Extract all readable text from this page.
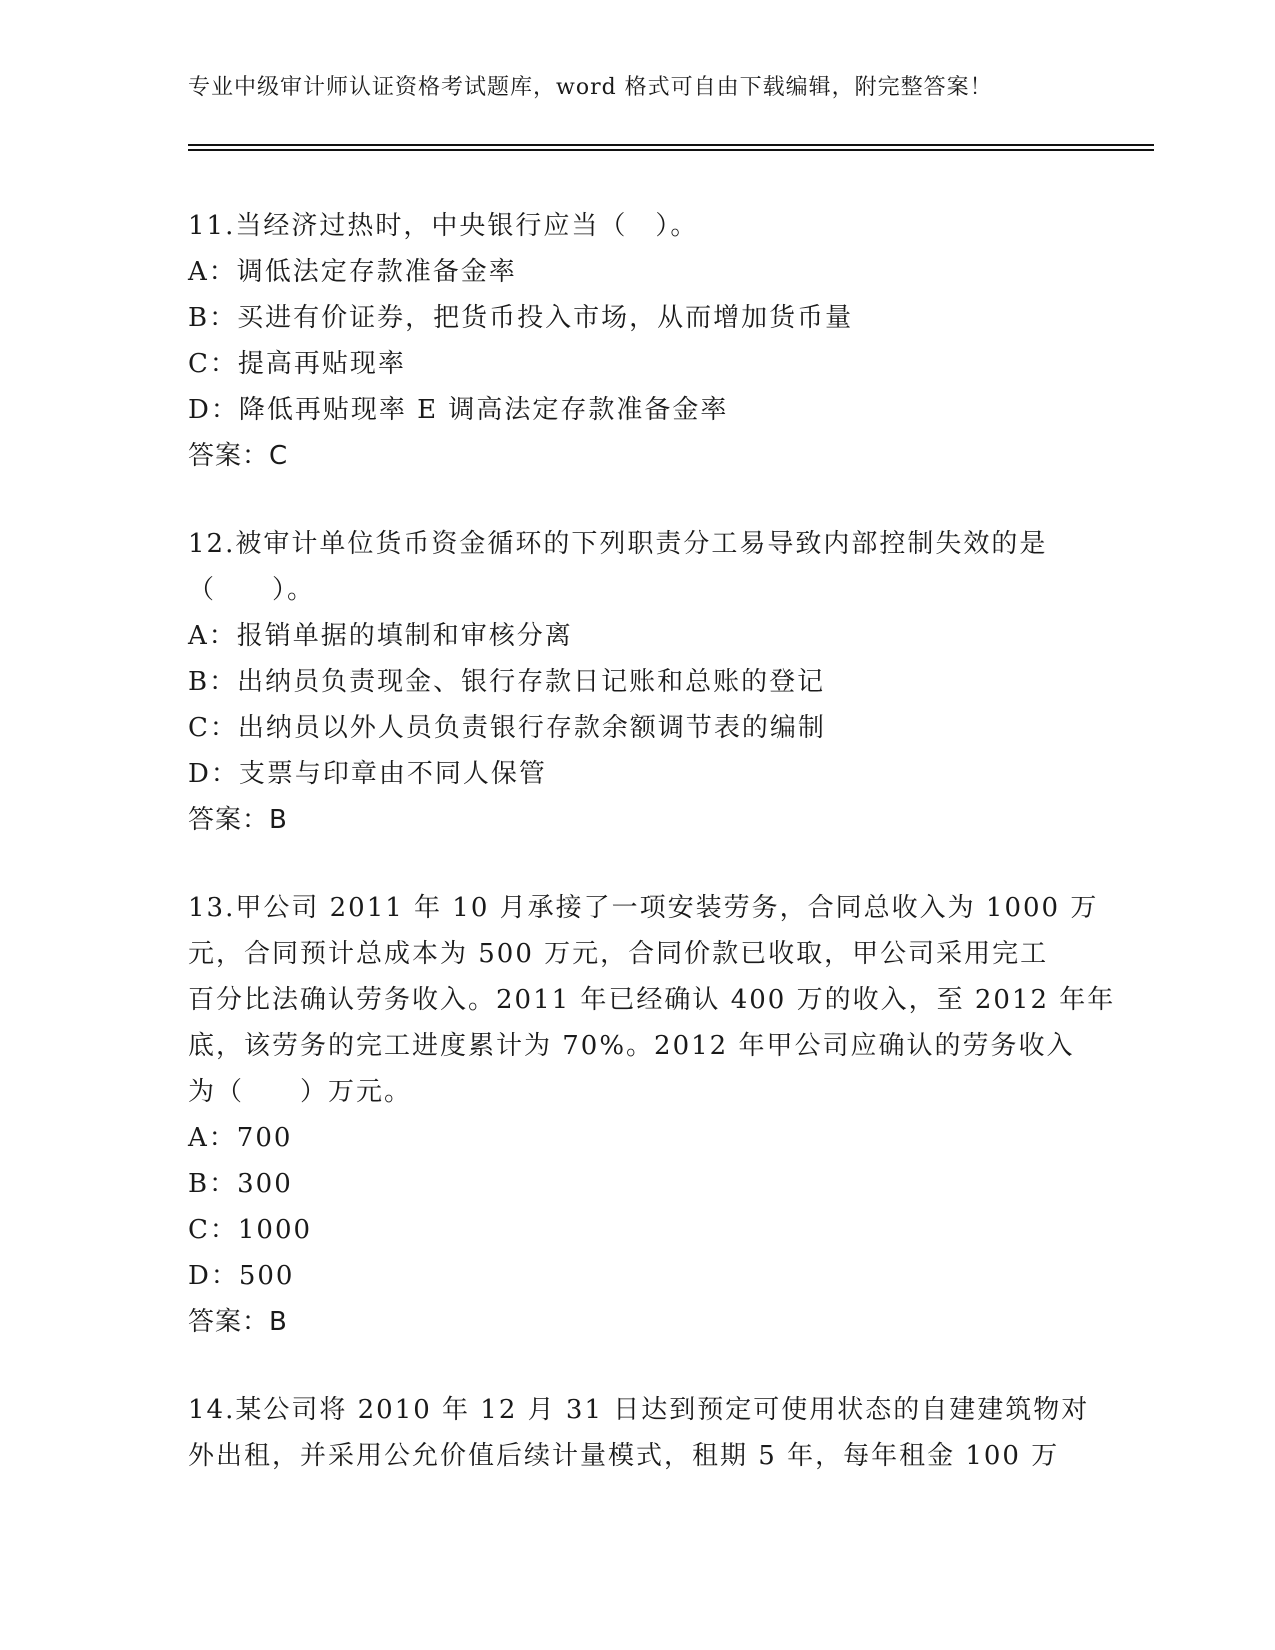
专业中级审计师认证资格考试题库，word 格式可自由下载编辑，附完整答案！
11.当经济过热时，中央银行应当（　）。
A：调低法定存款准备金率
B：买进有价证券，把货币投入市场，从而增加货币量
C：提高再贴现率
D：降低再贴现率 E 调高法定存款准备金率
答案：C
12.被审计单位货币资金循环的下列职责分工易导致内部控制失效的是
（　　）。
A：报销单据的填制和审核分离
B：出纳员负责现金、银行存款日记账和总账的登记
C：出纳员以外人员负责银行存款余额调节表的编制
D：支票与印章由不同人保管
答案：B
13.甲公司 2011 年 10 月承接了一项安装劳务，合同总收入为 1000 万
元，合同预计总成本为 500 万元，合同价款已收取，甲公司采用完工
百分比法确认劳务收入。2011 年已经确认 400 万的收入，至 2012 年年
底，该劳务的完工进度累计为 70%。2012 年甲公司应确认的劳务收入
为（　　）万元。
A：700
B：300
C：1000
D：500
答案：B
14.某公司将 2010 年 12 月 31 日达到预定可使用状态的自建建筑物对
外出租，并采用公允价值后续计量模式，租期 5 年，每年租金 100 万
